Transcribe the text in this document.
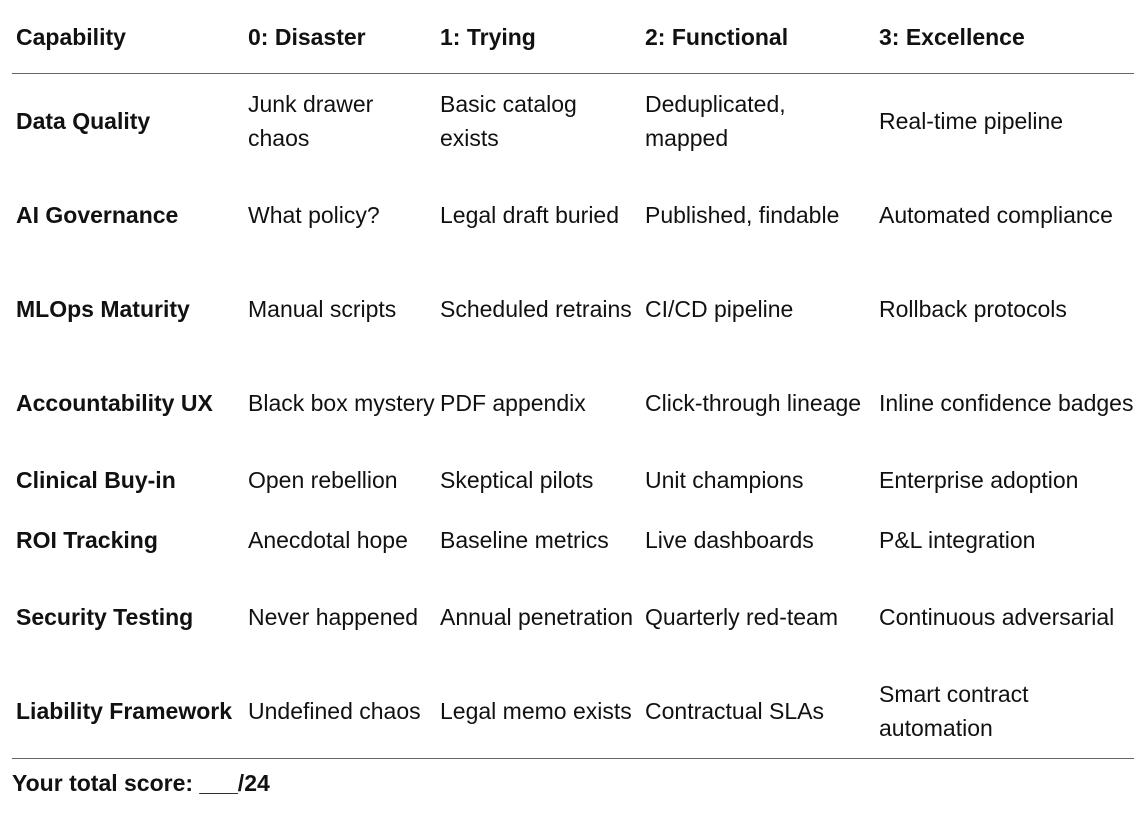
Capability	0: Disaster	1: Trying	2: Functional	3: Excellence
Data Quality	Junk drawer chaos	Basic catalog exists	Deduplicated, mapped	Real-time pipeline
AI Governance	What policy?	Legal draft buried	Published, findable	Automated compliance
MLOps Maturity	Manual scripts	Scheduled retrains	CI/CD pipeline	Rollback protocols
Accountability UX	Black box mystery	PDF appendix	Click-through lineage	Inline confidence badges
Clinical Buy-in	Open rebellion	Skeptical pilots	Unit champions	Enterprise adoption
ROI Tracking	Anecdotal hope	Baseline metrics	Live dashboards	P&L integration
Security Testing	Never happened	Annual penetration	Quarterly red-team	Continuous adversarial
Liability Framework	Undefined chaos	Legal memo exists	Contractual SLAs	Smart contract automation
Your total score: ___/24
